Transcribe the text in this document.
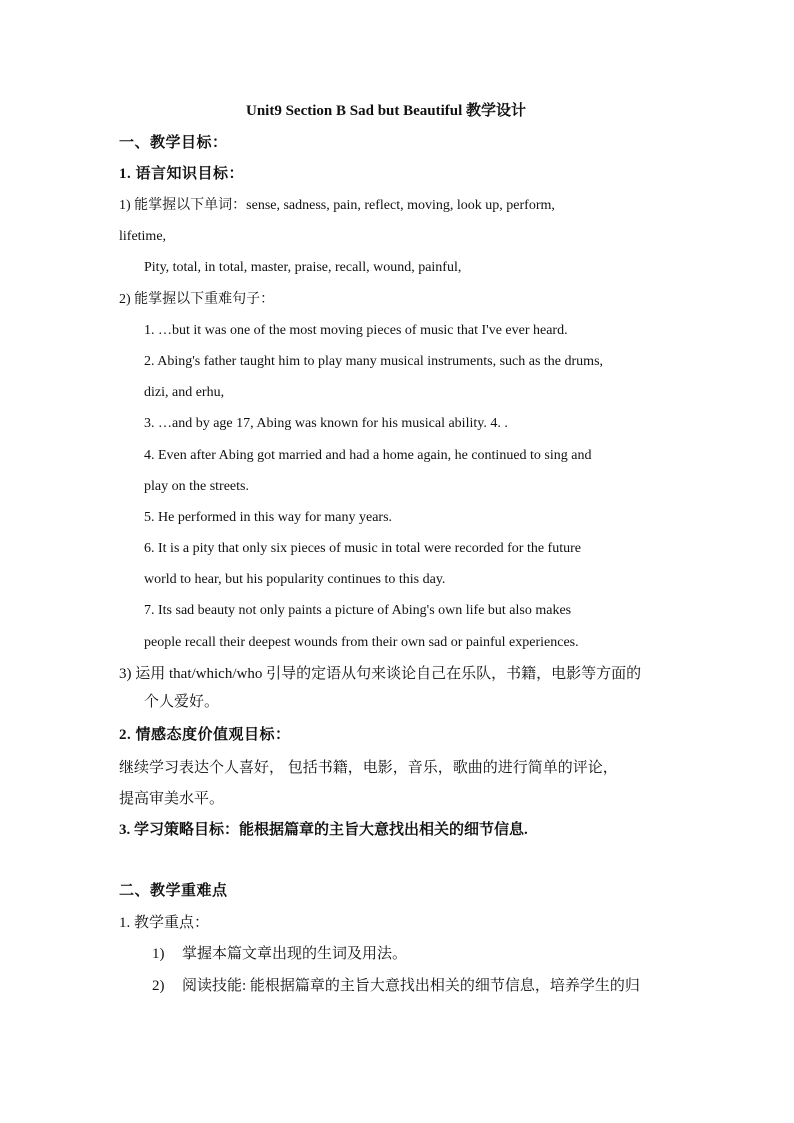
Unit9 Section B Sad but Beautiful 教学设计
一、教学目标：
1. 语言知识目标：
1) 能掌握以下单词：sense, sadness, pain, reflect, moving, look up, perform,
lifetime,
Pity, total, in total, master, praise, recall, wound, painful,
2) 能掌握以下重难句子：
1. …but it was one of the most moving pieces of music that I've ever heard.
2. Abing's father taught him to play many musical instruments, such as the drums,
dizi, and erhu,
3. …and by age 17, Abing was known for his musical ability. 4. .
4. Even after Abing got married and had a home again, he continued to sing and
play on the streets.
5. He performed in this way for many years.
6. It is a pity that only six pieces of music in total were recorded for the future
world to hear, but his popularity continues to this day.
7. Its sad beauty not only paints a picture of Abing's own life but also makes
people recall their deepest wounds from their own sad or painful experiences.
3) 运用 that/which/who 引导的定语从句来谈论自己在乐队，书籍，电影等方面的
个人爱好。
2. 情感态度价值观目标：
继续学习表达个人喜好， 包括书籍，电影，音乐，歌曲的进行简单的评论，
提高审美水平。
3. 学习策略目标：能根据篇章的主旨大意找出相关的细节信息.
二、教学重难点
1. 教学重点：
1) 掌握本篇文章出现的生词及用法。
2) 阅读技能: 能根据篇章的主旨大意找出相关的细节信息，培养学生的归
